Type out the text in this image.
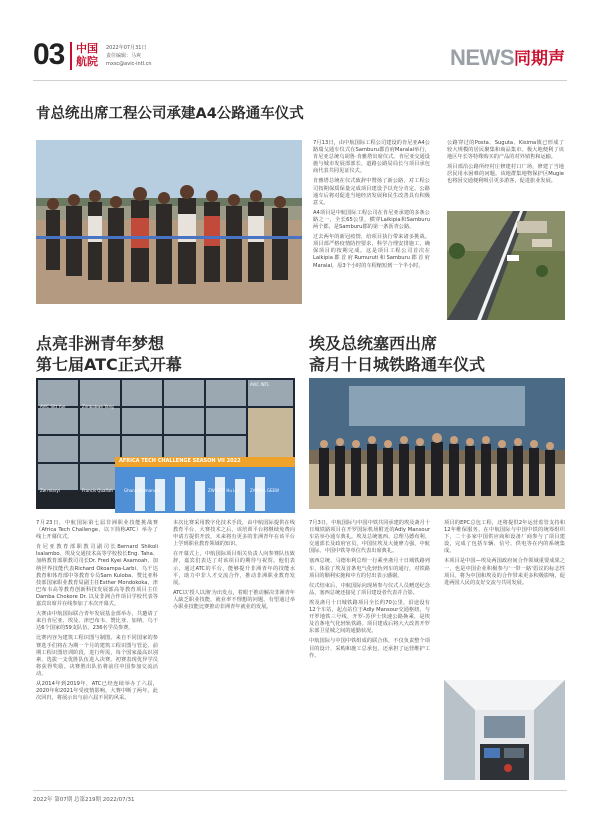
03 中国
航院
2022年07月31日
责任编辑：马爽
mxsc@avic-intl.cn	NEWS 同期声
肯总统出席工程公司承建A4公路通车仪式

7月13日，由中航国际工程公司建设的肯尼亚A4公路瑞戈通车仪式在Samburu郡首府Maralal举行，肯尼亚总统乌胡鲁·肯雅塔出席仪式。肯尼亚交通设施与城市发展部部长、道路公路局局长与项目承包商代表共同见证仪式。

肯雅塔总统在仪式致辞中赞扬了新公路，对工程公司按期保质保量完成项目建设予以充分肯定。公路通车后将对促进当地经济发展和民生改善具有积极意义。

A4项目是中航国际工程公司在肯尼亚承建的多条公路之一，全长65公里，横穿Laikipia和Samburu两个郡，是Samburu郡的第一条沥青公路。

过去两年的新冠疫情，给项目执行带来诸多挑战。项目部严格疫情防控要求，科学合理安排施工，确保项目的按期完成。这是项目工程公司首次在Laikipia郡首府Rumuruti和Samburu郡首府Maralal，原3个小时的车程缩短到一个半小时。

公路穿过的Posta、Suguta、Kisima镇已形成了较大规模的居民聚集和商品集市。极大地便利了该地区年长等特殊购买的产品的对外销售和运输。

项目部沿公路所经村庄修建村口广场，修建了当地居民用水困难的问题。该地群集地物保护区Mugie也将因交通便利吸引更多游客，促进旅业发展。

点亮非洲青年梦想
第七届ATC正式开幕
AFRICA TECH CHALLENGE SEASON VII 2022
AVIC Sitt Yue	Zimbabwe Yang
AVIC INTL
Zw mlaryi	Francis Qualfah	Ghana Emmanuel	ZWSOFT Hu Lei	ZAMBIA GEEW

7月23日，中航国际第七届非洲职业技能挑战赛（Africa Tech Challenge，以下简称ATC）举办了线上开幕仪式。

肯尼亚教育部职教司副司长Bernard Shikoli Isalambo、埃及交通技术高等学校校长Eng. Taha、加纳教育部职教司司长Dr. Fred Kyei Asamoah、加纳世界技能代表Richard Okoampa-Larbi、乌干达教育和体育部中等教育专员Sam Kuloba、赞比亚科技部国家职业教育局副主任Esther Mondokoka、津巴布韦高等教育创新科技发展部高等教育项目主任Damba Chokore Dr. 以及非洲合作项目学校代表等嘉宾出席并在线参加了本次开幕式。

大赛由中航国际联合青年发展基金部举办，共邀请了来自肯尼亚、埃及、津巴布韦、赞比亚、加纳、乌干达6个国家的59支队伍、236名学员参赛。

比赛内容为建筑工程识图与制图。来自不同国家的参赛选手们将在为期一个月的建筑工程识图与管论、前期工程识图培训阶段，进行所需，每个国家最高识别素，选拔一支优胜队伍进入决赛。初赛表现优异学员将获得奖励。决赛胜出队伍将前往中国参加交流活动。

从2014年到2019年，ATC已经连续举办了六届，2020年和2021年受疫情影响，大赛中断了两年。此次回归，将展示出与前六届不同的风采。

本次比赛采用数字化技术手段，由中航国际提供在线教育平台、大赛技术之后，该培训平台将继续免费向申请方提供开放，未来将有更多的非洲青年在该平台上学到职业教育领域的知识。

在开幕式上，中航国际项目相关负责人向参赛队伍致辞，嘉宾们表达了对该项目的期待与祝贺。他们表示，通过ATC的平台，能够提升非洲青年的技能水平，助力中非人才交流合作，推动非洲职业教育发展。

ATC以'授人以渔'为出发点，着眼于推动解决非洲青年人缺乏职业技能，就业率不理想的问题，有望通过举办职业技能比赛推动非洲青年就业的发展。

埃及总统塞西出席
斋月十日城铁路通车仪式

7月3日，中航国际与中国中铁共同承建的埃及斋月十日城铁路项目在开罗国际机场附近的Adly Mansour车站举办通车典礼。埃及总统塞西、总理马德布利、交通部长及政府官员，中国驻埃及大使廖力强，中航国际、中国中铁等单位代表出席典礼。

塞西总统、马德布利总理一行乘坐斋月十日城铁路列车，体验了埃及首条电气化轻轨列车的通行，对铁路项目的顺利实施和中方的付出表示感谢。

仪式结束后，中航国际向现场参与仪式人员赠送纪念品，塞西总统还接见了项目建设者代表并合影。

埃及斋月十日城铁路项目全长约70公里，沿途设有12个车站，起点站位于Adly Mansour交通枢纽，与开罗地铁三号线、开罗-苏伊士快速公路换乘，是埃及首条电气化轻轨铁路。项目建成后将大大改善开罗东部卫星城之间的通勤状况。

中航国际与中国中铁组成的联合体，不仅负责整个项目的设计、采购和施工总承包，还承担了运营维护工作。

项目的EPC总包工程，还将提供2年运营监管支持和12年维保服务。在中航国际与中国中铁的统筹组织下，二十多家中国供应商和设备厂商参与了项目建设，完成了包括车辆、信号、供电等在内的系统集成。

本项目是中国—埃及两国政府间合作领域重要成果之一，也是中国企业积极参与'一带一路'倡议的标志性项目。将为中国和埃及的合作带来更多积极影响，促进两国人民的友好交流与共同发展。

2022年 第07期 总第219期 2022/07/31
